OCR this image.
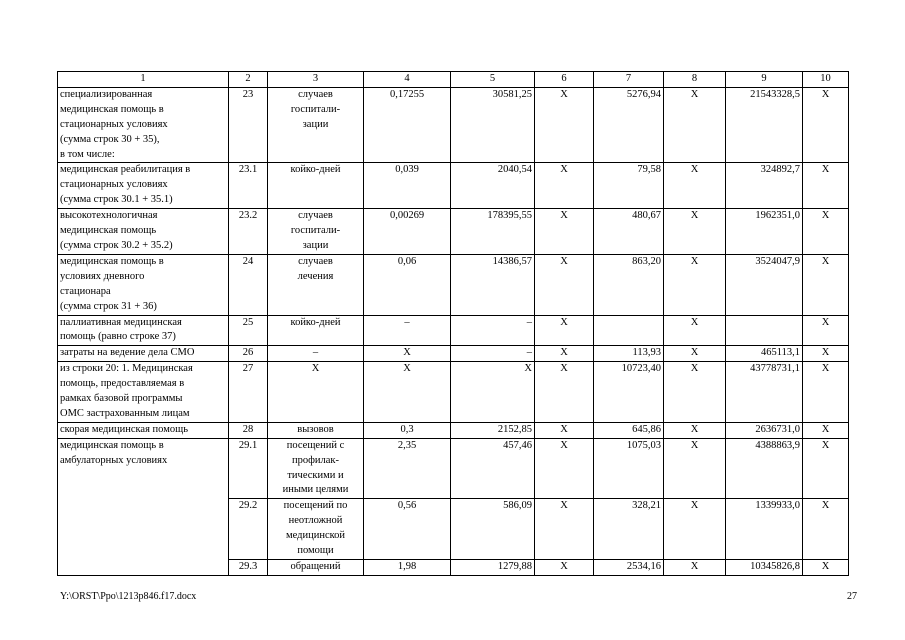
1	2	3	4	5	6	7	8	9	10
специализированная
медицинская помощь в
стационарных условиях
(сумма строк 30 + 35),
в том числе:	23	случаев
госпитали-
зации	0,17255	30581,25	Х	5276,94	Х	21543328,5	Х
медицинская реабилитация в
стационарных условиях
(сумма строк 30.1 + 35.1)	23.1	койко-дней	0,039	2040,54	Х	79,58	Х	324892,7	Х
высокотехнологичная
медицинская помощь
(сумма строк 30.2 + 35.2)	23.2	случаев
госпитали-
зации	0,00269	178395,55	Х	480,67	Х	1962351,0	Х
медицинская помощь в
условиях дневного
стационара
(сумма строк 31 + 36)	24	случаев
лечения	0,06	14386,57	Х	863,20	Х	3524047,9	Х
паллиативная медицинская
помощь (равно строке 37)	25	койко-дней	–	–	Х		Х		Х
затраты на ведение дела СМО	26	–	Х	–	Х	113,93	Х	465113,1	Х
из строки 20: 1. Медицинская
помощь, предоставляемая в
рамках базовой программы
ОМС застрахованным лицам	27	Х	Х	Х	Х	10723,40	Х	43778731,1	Х
скорая медицинская помощь	28	вызовов	0,3	2152,85	Х	645,86	Х	2636731,0	Х
медицинская помощь в
амбулаторных условиях	29.1	посещений с
профилак-
тическими и
иными целями	2,35	457,46	Х	1075,03	Х	4388863,9	Х
	29.2	посещений по
неотложной
медицинской
помощи	0,56	586,09	Х	328,21	Х	1339933,0	Х
	29.3	обращений	1,98	1279,88	Х	2534,16	Х	10345826,8	Х
Y:\ORST\Ppo\1213p846.f17.docx	27
